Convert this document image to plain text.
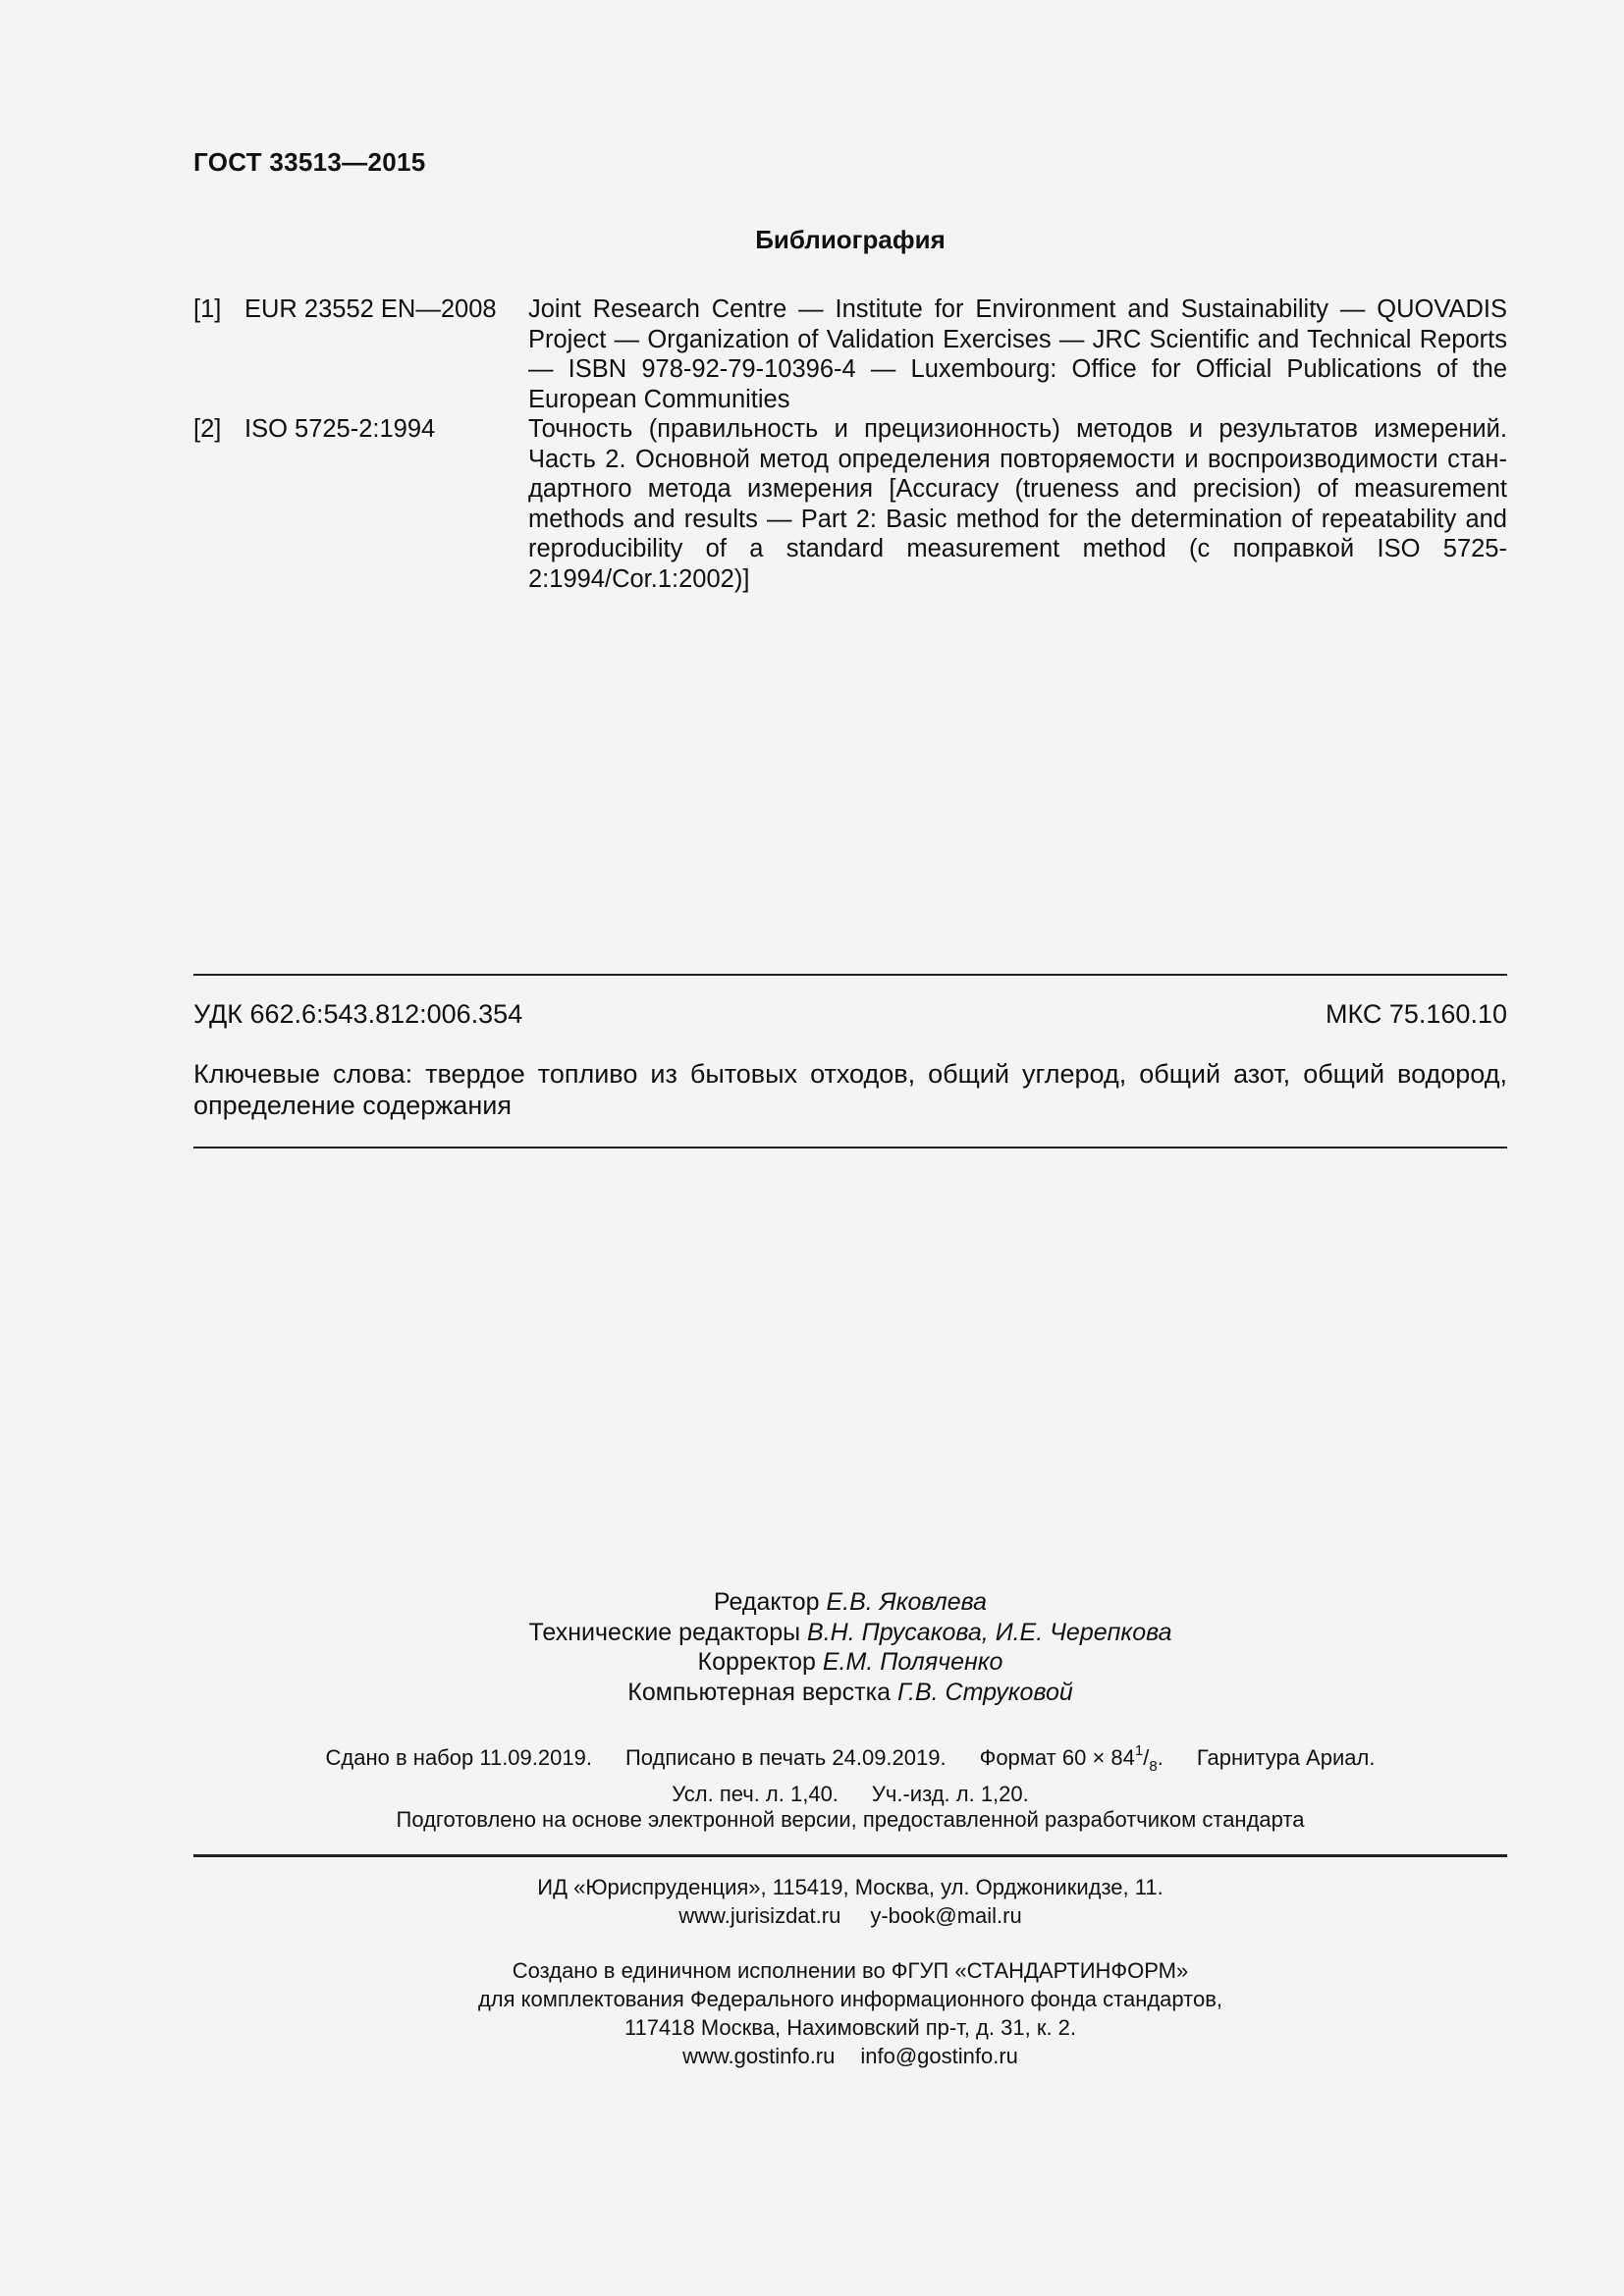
ГОСТ 33513—2015
Библиография
[1] EUR 23552 EN—2008	Joint Research Centre — Institute for Environment and Sustainability — QUOVADIS Project — Organization of Validation Exercises — JRC Scientific and Technical Reports — ISBN 978-92-79-10396-4 — Luxembourg: Office for Official Publications of the European Communities
[2] ISO 5725-2:1994	Точность (правильность и прецизионность) методов и результатов измерений. Часть 2. Основной метод определения повторяемости и воспроизводимости стан-дартного метода измерения [Accuracy (trueness and precision) of measurement methods and results — Part 2: Basic method for the determination of repeatability and reproducibility of a standard measurement method (с поправкой ISO 5725-2:1994/Cor.1:2002)]
УДК 662.6:543.812:006.354	МКС 75.160.10
Ключевые слова: твердое топливо из бытовых отходов, общий углерод, общий азот, общий водород, определение содержания
Редактор Е.В. Яковлева
Технические редакторы В.Н. Прусакова, И.Е. Черепкова
Корректор Е.М. Поляченко
Компьютерная верстка Г.В. Струковой
Сдано в набор 11.09.2019. Подписано в печать 24.09.2019. Формат $60 \times 84^1/_8$. Гарнитура Ариал.
Усл. печ. л. 1,40. Уч.-изд. л. 1,20.
Подготовлено на основе электронной версии, предоставленной разработчиком стандарта
ИД «Юриспруденция», 115419, Москва, ул. Орджоникидзе, 11.
www.jurisizdat.ru y-book@mail.ru
Создано в единичном исполнении во ФГУП «СТАНДАРТИНФОРМ»
для комплектования Федерального информационного фонда стандартов,
117418 Москва, Нахимовский пр-т, д. 31, к. 2.
www.gostinfo.ru info@gostinfo.ru
